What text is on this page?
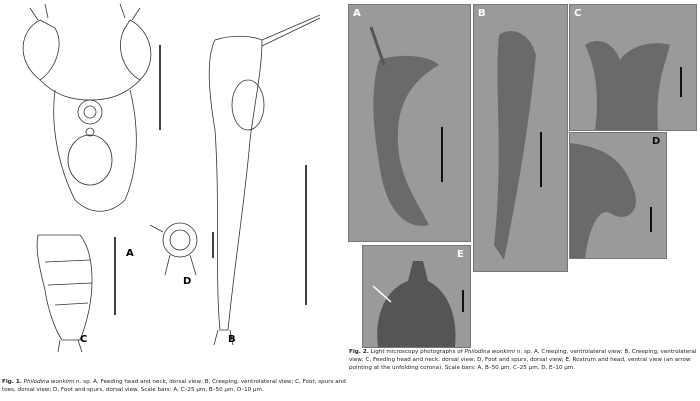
A
B
C
D
A	B	C
D
E
Fig. 1. Philodina wonkimi n. sp. A, Feeding head and neck, dorsal view; B, Creeping, ventrolateral view; C, Foot, spurs and toes, dorsal view; D, Foot and spurs, dorsal view. Scale bars: A, C–25 µm, B–50 µm, D–10 µm.
Fig. 2. Light microscopy photographs of Philodina wonkimi n. sp. A, Creeping, ventrolateral view; B, Creeping, ventrolateral view; C, Feeding head and neck, dorsal view; D, Foot and spurs, dorsal view; E, Rostrum and head, ventral view (an arrow pointing at the unfolding corona). Scale bars: A, B–50 µm, C–25 µm, D, E–10 µm.
